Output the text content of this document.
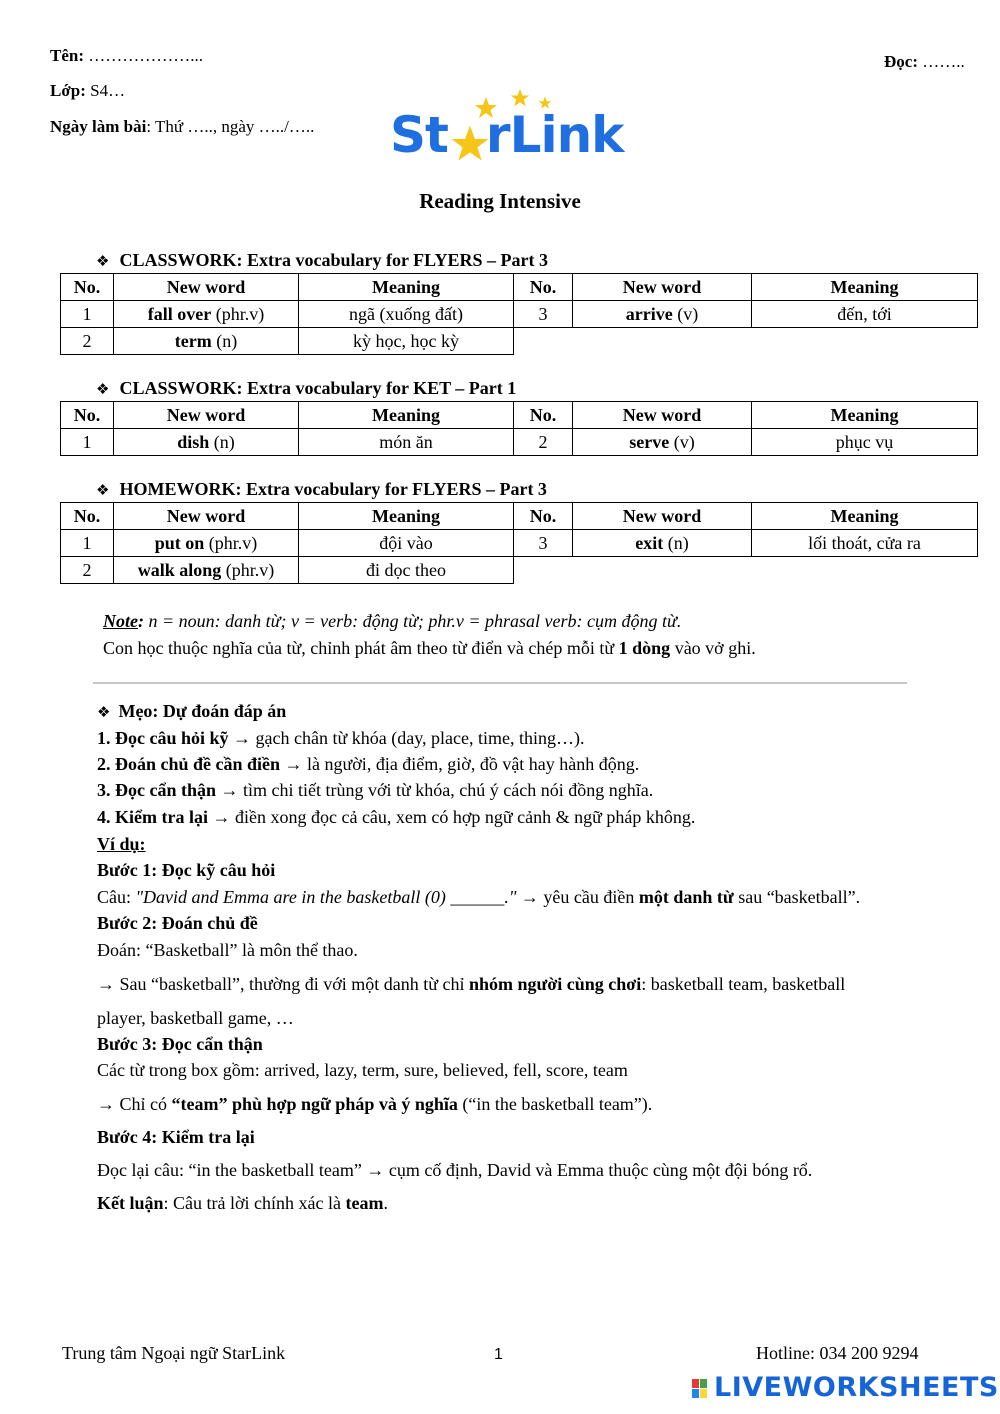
Tên: ………………...
Lớp: S4…
Ngày làm bài: Thứ ….., ngày …../…..
Đọc: ……..
St rLink
Reading Intensive
❖ CLASSWORK: Extra vocabulary for FLYERS – Part 3
No.	New word	Meaning	No.	New word	Meaning
1	fall over (phr.v)	ngã (xuống đất)	3	arrive (v)	đến, tới
2	term (n)	kỳ học, học kỳ			
❖ CLASSWORK: Extra vocabulary for KET – Part 1
No.	New word	Meaning	No.	New word	Meaning
1	dish (n)	món ăn	2	serve (v)	phục vụ
❖ HOMEWORK: Extra vocabulary for FLYERS – Part 3
No.	New word	Meaning	No.	New word	Meaning
1	put on (phr.v)	đội vào	3	exit (n)	lối thoát, cửa ra
2	walk along (phr.v)	đi dọc theo			
Note: n = noun: danh từ; v = verb: động từ; phr.v = phrasal verb: cụm động từ.
Con học thuộc nghĩa của từ, chỉnh phát âm theo từ điển và chép mỗi từ 1 dòng vào vở ghi.
❖ Mẹo: Dự đoán đáp án
1. Đọc câu hỏi kỹ → gạch chân từ khóa (day, place, time, thing…).
2. Đoán chủ đề cần điền → là người, địa điểm, giờ, đồ vật hay hành động.
3. Đọc cẩn thận → tìm chi tiết trùng với từ khóa, chú ý cách nói đồng nghĩa.
4. Kiểm tra lại → điền xong đọc cả câu, xem có hợp ngữ cảnh & ngữ pháp không.
Ví dụ:
Bước 1: Đọc kỹ câu hỏi
Câu: "David and Emma are in the basketball (0) ______." → yêu cầu điền một danh từ sau “basketball”.
Bước 2: Đoán chủ đề
Đoán: “Basketball” là môn thể thao.
→ Sau “basketball”, thường đi với một danh từ chỉ nhóm người cùng chơi: basketball team, basketball
player, basketball game, …
Bước 3: Đọc cẩn thận
Các từ trong box gồm: arrived, lazy, term, sure, believed, fell, score, team
→ Chỉ có “team” phù hợp ngữ pháp và ý nghĩa (“in the basketball team”).
Bước 4: Kiểm tra lại
Đọc lại câu: “in the basketball team” → cụm cố định, David và Emma thuộc cùng một đội bóng rổ.
Kết luận: Câu trả lời chính xác là team.
Trung tâm Ngoại ngữ StarLink	1	Hotline: 034 200 9294
LIVEWORKSHEETS
